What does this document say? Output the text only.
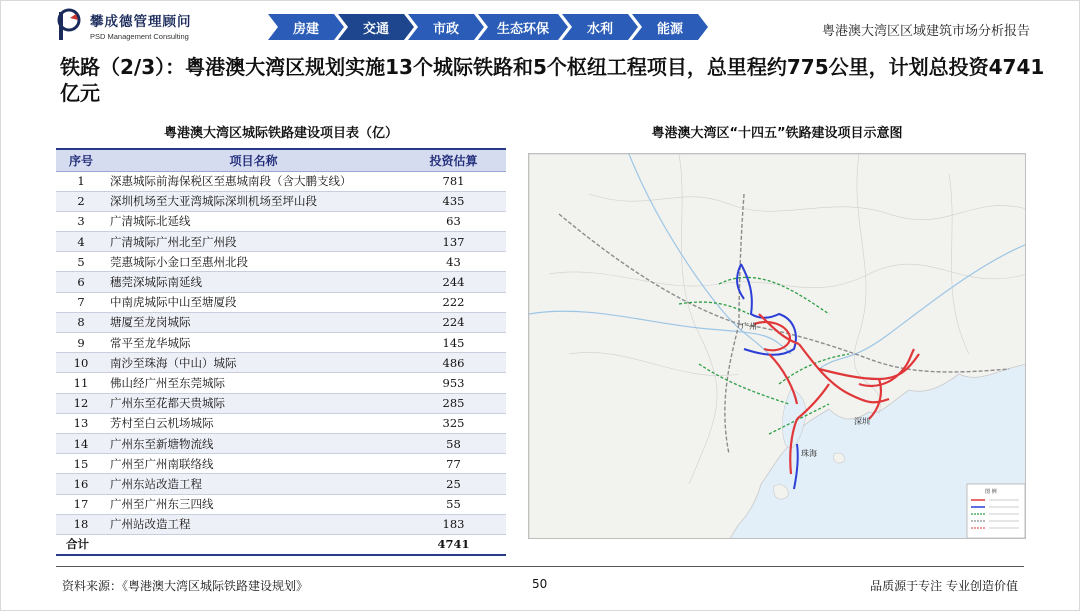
攀成德管理顾问
PSD Management Consulting	房建	交通	市政	生态环保	水利	能源	粤港澳大湾区区域建筑市场分析报告
铁路（2/3）：粤港澳大湾区规划实施13个城际铁路和5个枢纽工程项目，总里程约775公里，计划总投资4741亿元
粤港澳大湾区城际铁路建设项目表（亿）
序号	项目名称	投资估算
1	深惠城际前海保税区至惠城南段（含大鹏支线）	781
2	深圳机场至大亚湾城际深圳机场至坪山段	435
3	广清城际北延线	63
4	广清城际广州北至广州段	137
5	莞惠城际小金口至惠州北段	43
6	穗莞深城际南延线	244
7	中南虎城际中山至塘厦段	222
8	塘厦至龙岗城际	224
9	常平至龙华城际	145
10	南沙至珠海（中山）城际	486
11	佛山经广州至东莞城际	953
12	广州东至花都天贵城际	285
13	芳村至白云机场城际	325
14	广州东至新塘物流线	58
15	广州至广州南联络线	77
16	广州东站改造工程	25
17	广州至广州东三四线	55
18	广州站改造工程	183
合计		4741
粤港澳大湾区“十四五”铁路建设项目示意图
广州
深圳
珠海
图 例
资料来源：《粤港澳大湾区城际铁路建设规划》	50	品质源于专注 专业创造价值
